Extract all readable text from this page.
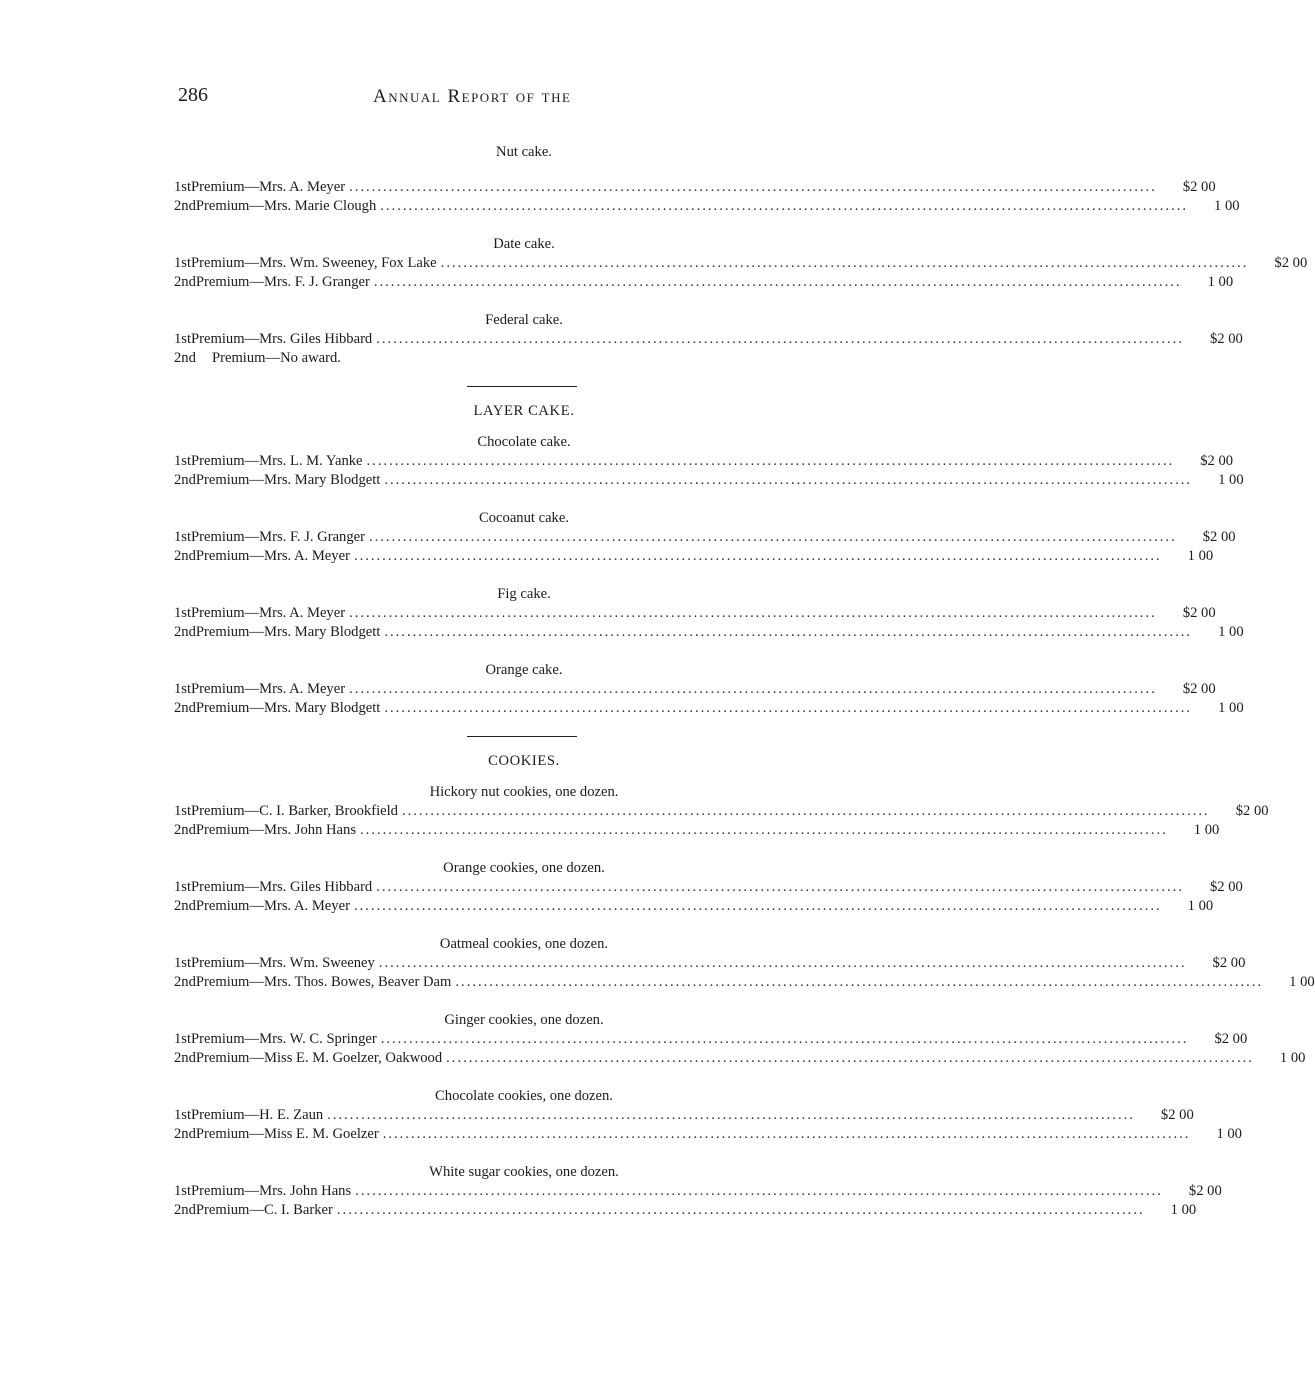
286	Annual Report of the
Nut cake.
1st Premium—Mrs. A. Meyer .....	$2 00
2nd Premium—Mrs. Marie Clough .....	1 00
Date cake.
1st Premium—Mrs. Wm. Sweeney, Fox Lake .....	$2 00
2nd Premium—Mrs. F. J. Granger .....	1 00
Federal cake.
1st Premium—Mrs. Giles Hibbard .....	$2 00
2nd	Premium—No award.
LAYER CAKE.
Chocolate cake.
1st Premium—Mrs. L. M. Yanke .....	$2 00
2nd Premium—Mrs. Mary Blodgett .....	1 00
Cocoanut cake.
1st Premium—Mrs. F. J. Granger .....	$2 00
2nd Premium—Mrs. A. Meyer .....	1 00
Fig cake.
1st Premium—Mrs. A. Meyer .....	$2 00
2nd Premium—Mrs. Mary Blodgett .....	1 00
Orange cake.
1st Premium—Mrs. A. Meyer .....	$2 00
2nd Premium—Mrs. Mary Blodgett .....	1 00
COOKIES.
Hickory nut cookies, one dozen.
1st Premium—C. I. Barker, Brookfield .....	$2 00
2nd Premium—Mrs. John Hans .....	1 00
Orange cookies, one dozen.
1st Premium—Mrs. Giles Hibbard .....	$2 00
2nd Premium—Mrs. A. Meyer .....	1 00
Oatmeal cookies, one dozen.
1st Premium—Mrs. Wm. Sweeney .....	$2 00
2nd Premium—Mrs. Thos. Bowes, Beaver Dam .....	1 00
Ginger cookies, one dozen.
1st Premium—Mrs. W. C. Springer .....	$2 00
2nd Premium—Miss E. M. Goelzer, Oakwood .....	1 00
Chocolate cookies, one dozen.
1st Premium—H. E. Zaun .....	$2 00
2nd Premium—Miss E. M. Goelzer .....	1 00
White sugar cookies, one dozen.
1st Premium—Mrs. John Hans .....	$2 00
2nd Premium—C. I. Barker .....	1 00
